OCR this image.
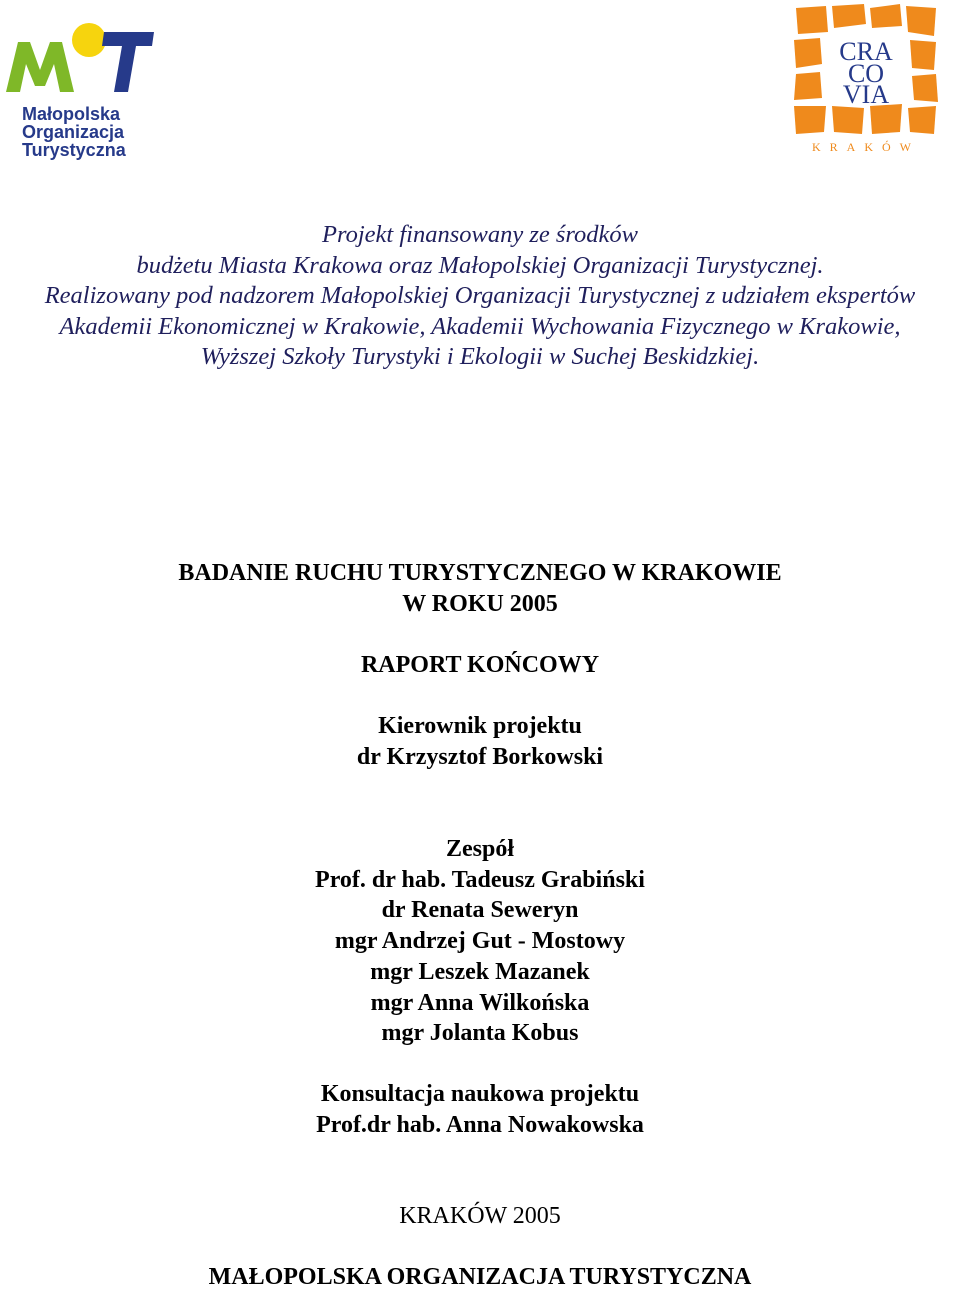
Małopolska
Organizacja
Turystyczna
CRA
CO
VIA
KRAKÓW
Projekt finansowany ze środków
budżetu Miasta Krakowa oraz Małopolskiej Organizacji Turystycznej.
Realizowany pod nadzorem Małopolskiej Organizacji Turystycznej z udziałem ekspertów
Akademii Ekonomicznej w Krakowie, Akademii Wychowania Fizycznego w Krakowie,
Wyższej Szkoły Turystyki i Ekologii w Suchej Beskidzkiej.
BADANIE RUCHU TURYSTYCZNEGO W KRAKOWIE
W ROKU 2005
RAPORT KOŃCOWY
Kierownik projektu
dr Krzysztof Borkowski
Zespół
Prof. dr hab. Tadeusz Grabiński
dr Renata Seweryn
mgr Andrzej Gut - Mostowy
mgr Leszek Mazanek
mgr Anna Wilkońska
mgr Jolanta Kobus
Konsultacja naukowa projektu
Prof.dr hab. Anna Nowakowska
KRAKÓW 2005
MAŁOPOLSKA ORGANIZACJA TURYSTYCZNA
